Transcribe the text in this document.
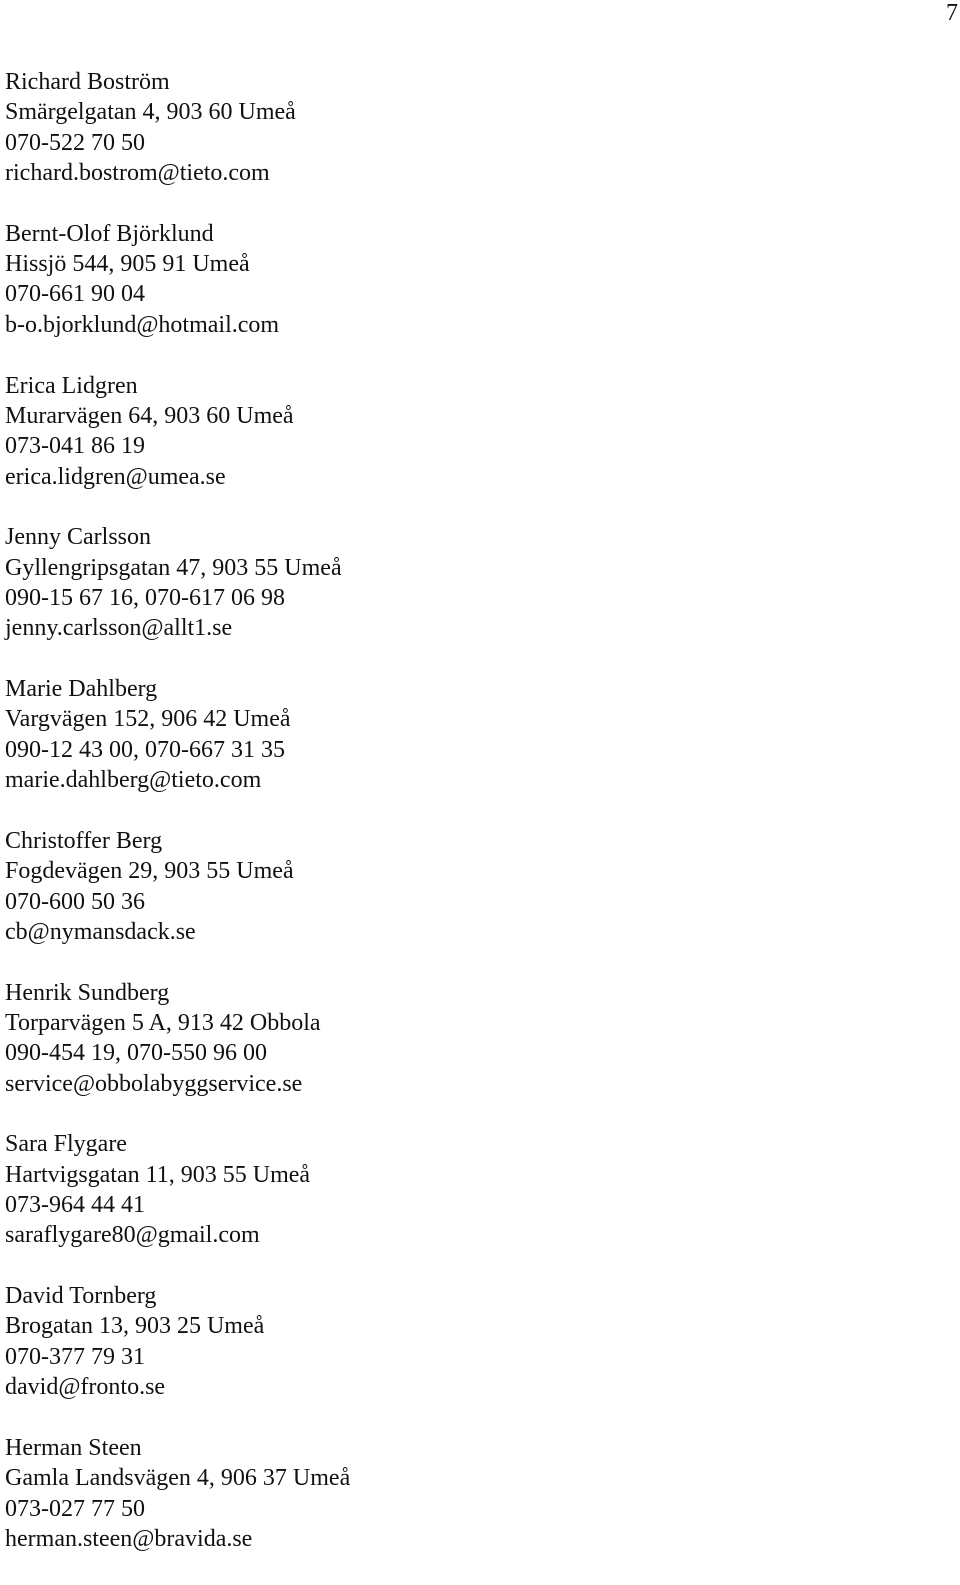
7
Richard Boström
Smärgelgatan 4, 903 60 Umeå
070-522 70 50
richard.bostrom@tieto.com
Bernt-Olof Björklund
Hissjö 544, 905 91 Umeå
070-661 90 04
b-o.bjorklund@hotmail.com
Erica Lidgren
Murarvägen 64, 903 60 Umeå
073-041 86 19
erica.lidgren@umea.se
Jenny Carlsson
Gyllengripsgatan 47, 903 55 Umeå
090-15 67 16, 070-617 06 98
jenny.carlsson@allt1.se
Marie Dahlberg
Vargvägen 152, 906 42 Umeå
090-12 43 00, 070-667 31 35
marie.dahlberg@tieto.com
Christoffer Berg
Fogdevägen 29, 903 55 Umeå
070-600 50 36
cb@nymansdack.se
Henrik Sundberg
Torparvägen 5 A, 913 42 Obbola
090-454 19, 070-550 96 00
service@obbolabyggservice.se
Sara Flygare
Hartvigsgatan 11, 903 55 Umeå
073-964 44 41
saraflygare80@gmail.com
David Tornberg
Brogatan 13, 903 25 Umeå
070-377 79 31
david@fronto.se
Herman Steen
Gamla Landsvägen 4, 906 37 Umeå
073-027 77 50
herman.steen@bravida.se
